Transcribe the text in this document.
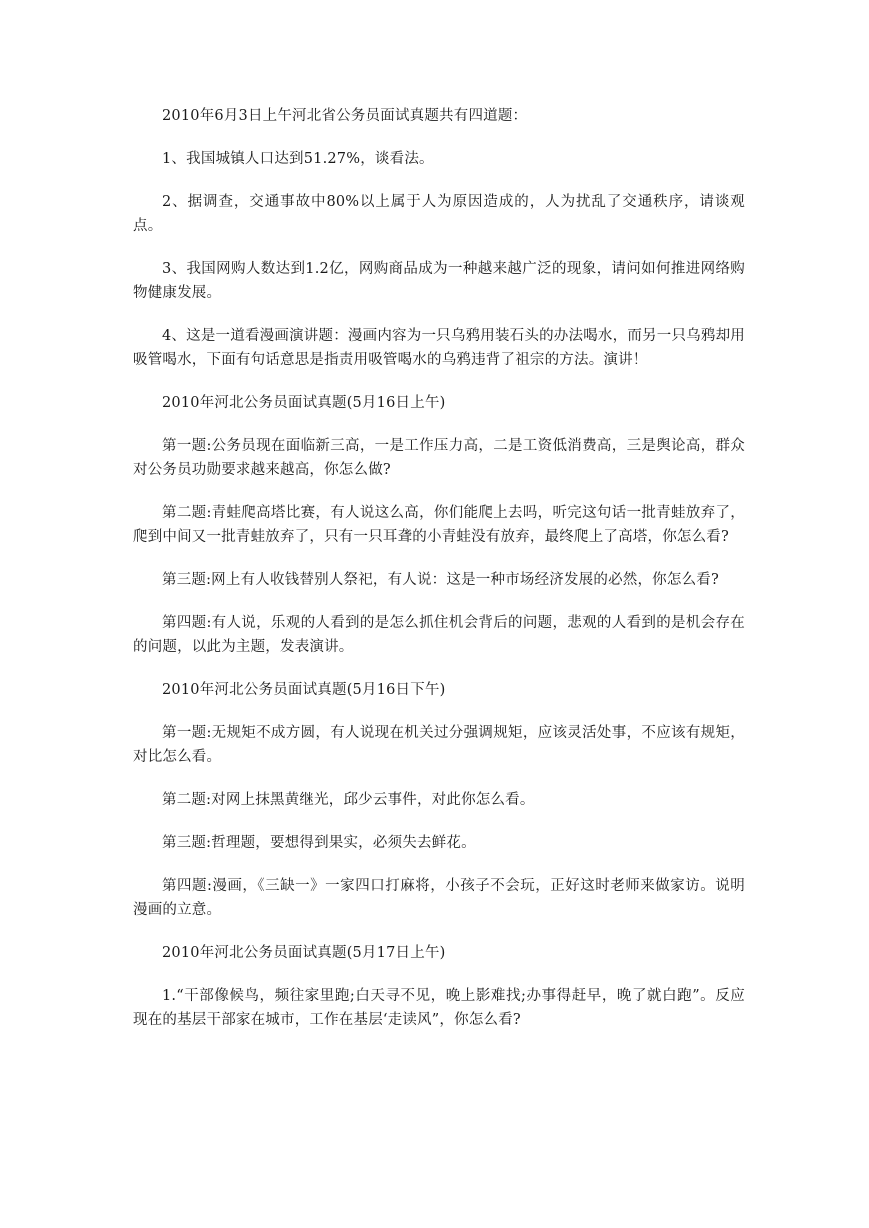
2010年6月3日上午河北省公务员面试真题共有四道题：

1、我国城镇人口达到51.27%，谈看法。

2、据调查，交通事故中80%以上属于人为原因造成的，人为扰乱了交通秩序，请谈观点。

3、我国网购人数达到1.2亿，网购商品成为一种越来越广泛的现象，请问如何推进网络购物健康发展。

4、这是一道看漫画演讲题：漫画内容为一只乌鸦用装石头的办法喝水，而另一只乌鸦却用吸管喝水，下面有句话意思是指责用吸管喝水的乌鸦违背了祖宗的方法。演讲！

2010年河北公务员面试真题(5月16日上午)

第一题:公务员现在面临新三高，一是工作压力高，二是工资低消费高，三是舆论高，群众对公务员功勋要求越来越高，你怎么做?

第二题:青蛙爬高塔比赛，有人说这么高，你们能爬上去吗，听完这句话一批青蛙放弃了，爬到中间又一批青蛙放弃了，只有一只耳聋的小青蛙没有放弃，最终爬上了高塔，你怎么看?

第三题:网上有人收钱替别人祭祀，有人说：这是一种市场经济发展的必然，你怎么看?

第四题:有人说，乐观的人看到的是怎么抓住机会背后的问题，悲观的人看到的是机会存在的问题，以此为主题，发表演讲。

2010年河北公务员面试真题(5月16日下午)

第一题:无规矩不成方圆，有人说现在机关过分强调规矩，应该灵活处事，不应该有规矩，对比怎么看。

第二题:对网上抹黑黄继光，邱少云事件，对此你怎么看。

第三题:哲理题，要想得到果实，必须失去鲜花。

第四题:漫画，《三缺一》一家四口打麻将，小孩子不会玩，正好这时老师来做家访。说明漫画的立意。

2010年河北公务员面试真题(5月17日上午)

1.“干部像候鸟，频往家里跑;白天寻不见，晚上影难找;办事得赶早，晚了就白跑”。反应现在的基层干部家在城市，工作在基层‘走读风”，你怎么看?
